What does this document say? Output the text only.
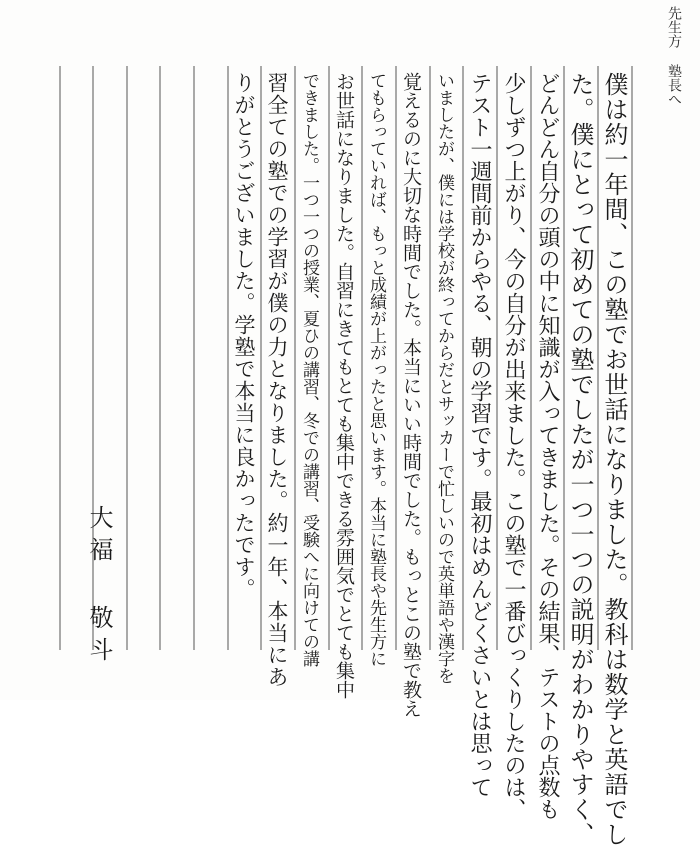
先生方 塾長へ
僕は約一年間、この塾でお世話になりました。教科は数学と英語でし
た。僕にとって初めての塾でしたが一つ一つの説明がわかりやすく、
どんどん自分の頭の中に知識が入ってきました。その結果、テストの点数も
少しずつ上がり、今の自分が出来ました。この塾で一番びっくりしたのは、
テスト一週間前からやる、朝の学習です。最初はめんどくさいとは思って
いましたが、僕には学校が終ってからだとサッカーで忙しいので英単語や漢字を
覚えるのに大切な時間でした。本当にいい時間でした。もっとこの塾で教え
てもらっていれば、もっと成績が上がったと思います。本当に塾長や先生方に
お世話になりました。自習にきてもとても集中できる雰囲気でとても集中
できました。一つ一つの授業、夏ひの講習、冬での講習、受験へに向けての講
習全ての塾での学習が僕の力となりました。約一年、本当にあ
りがとうございました。学塾で本当に良かったです。
大福 敬斗
